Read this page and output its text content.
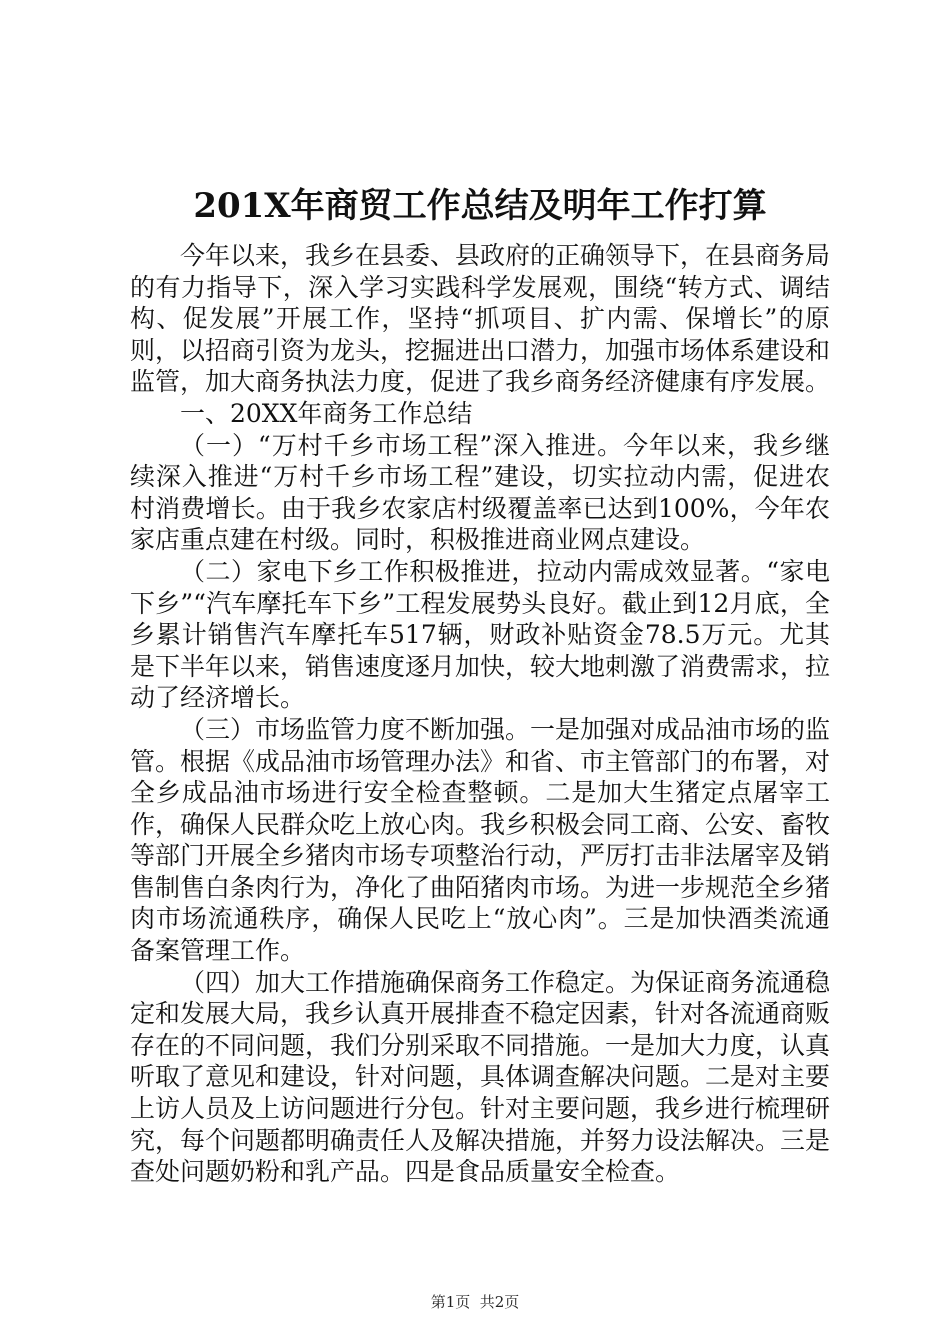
201X年商贸工作总结及明年工作打算

今年以来，我乡在县委、县政府的正确领导下，在县商务局的有力指导下，深入学习实践科学发展观，围绕“转方式、调结构、促发展”开展工作，坚持“抓项目、扩内需、保增长”的原则，以招商引资为龙头，挖掘进出口潜力，加强市场体系建设和监管，加大商务执法力度，促进了我乡商务经济健康有序发展。

一、20XX年商务工作总结

（一）“万村千乡市场工程”深入推进。今年以来，我乡继续深入推进“万村千乡市场工程”建设，切实拉动内需，促进农村消费增长。由于我乡农家店村级覆盖率已达到100%，今年农家店重点建在村级。同时，积极推进商业网点建设。

（二）家电下乡工作积极推进，拉动内需成效显著。“家电下乡”“汽车摩托车下乡”工程发展势头良好。截止到12月底，全乡累计销售汽车摩托车517辆，财政补贴资金78.5万元。尤其是下半年以来，销售速度逐月加快，较大地刺激了消费需求，拉动了经济增长。

（三）市场监管力度不断加强。一是加强对成品油市场的监管。根据《成品油市场管理办法》和省、市主管部门的布署，对全乡成品油市场进行安全检查整顿。二是加大生猪定点屠宰工作，确保人民群众吃上放心肉。我乡积极会同工商、公安、畜牧等部门开展全乡猪肉市场专项整治行动，严厉打击非法屠宰及销售制售白条肉行为，净化了曲陌猪肉市场。为进一步规范全乡猪肉市场流通秩序，确保人民吃上“放心肉”。三是加快酒类流通备案管理工作。

（四）加大工作措施确保商务工作稳定。为保证商务流通稳定和发展大局，我乡认真开展排查不稳定因素，针对各流通商贩存在的不同问题，我们分别采取不同措施。一是加大力度，认真听取了意见和建设，针对问题，具体调查解决问题。二是对主要上访人员及上访问题进行分包。针对主要问题，我乡进行梳理研究，每个问题都明确责任人及解决措施，并努力设法解决。三是查处问题奶粉和乳产品。四是食品质量安全检查。

第1页  共2页
